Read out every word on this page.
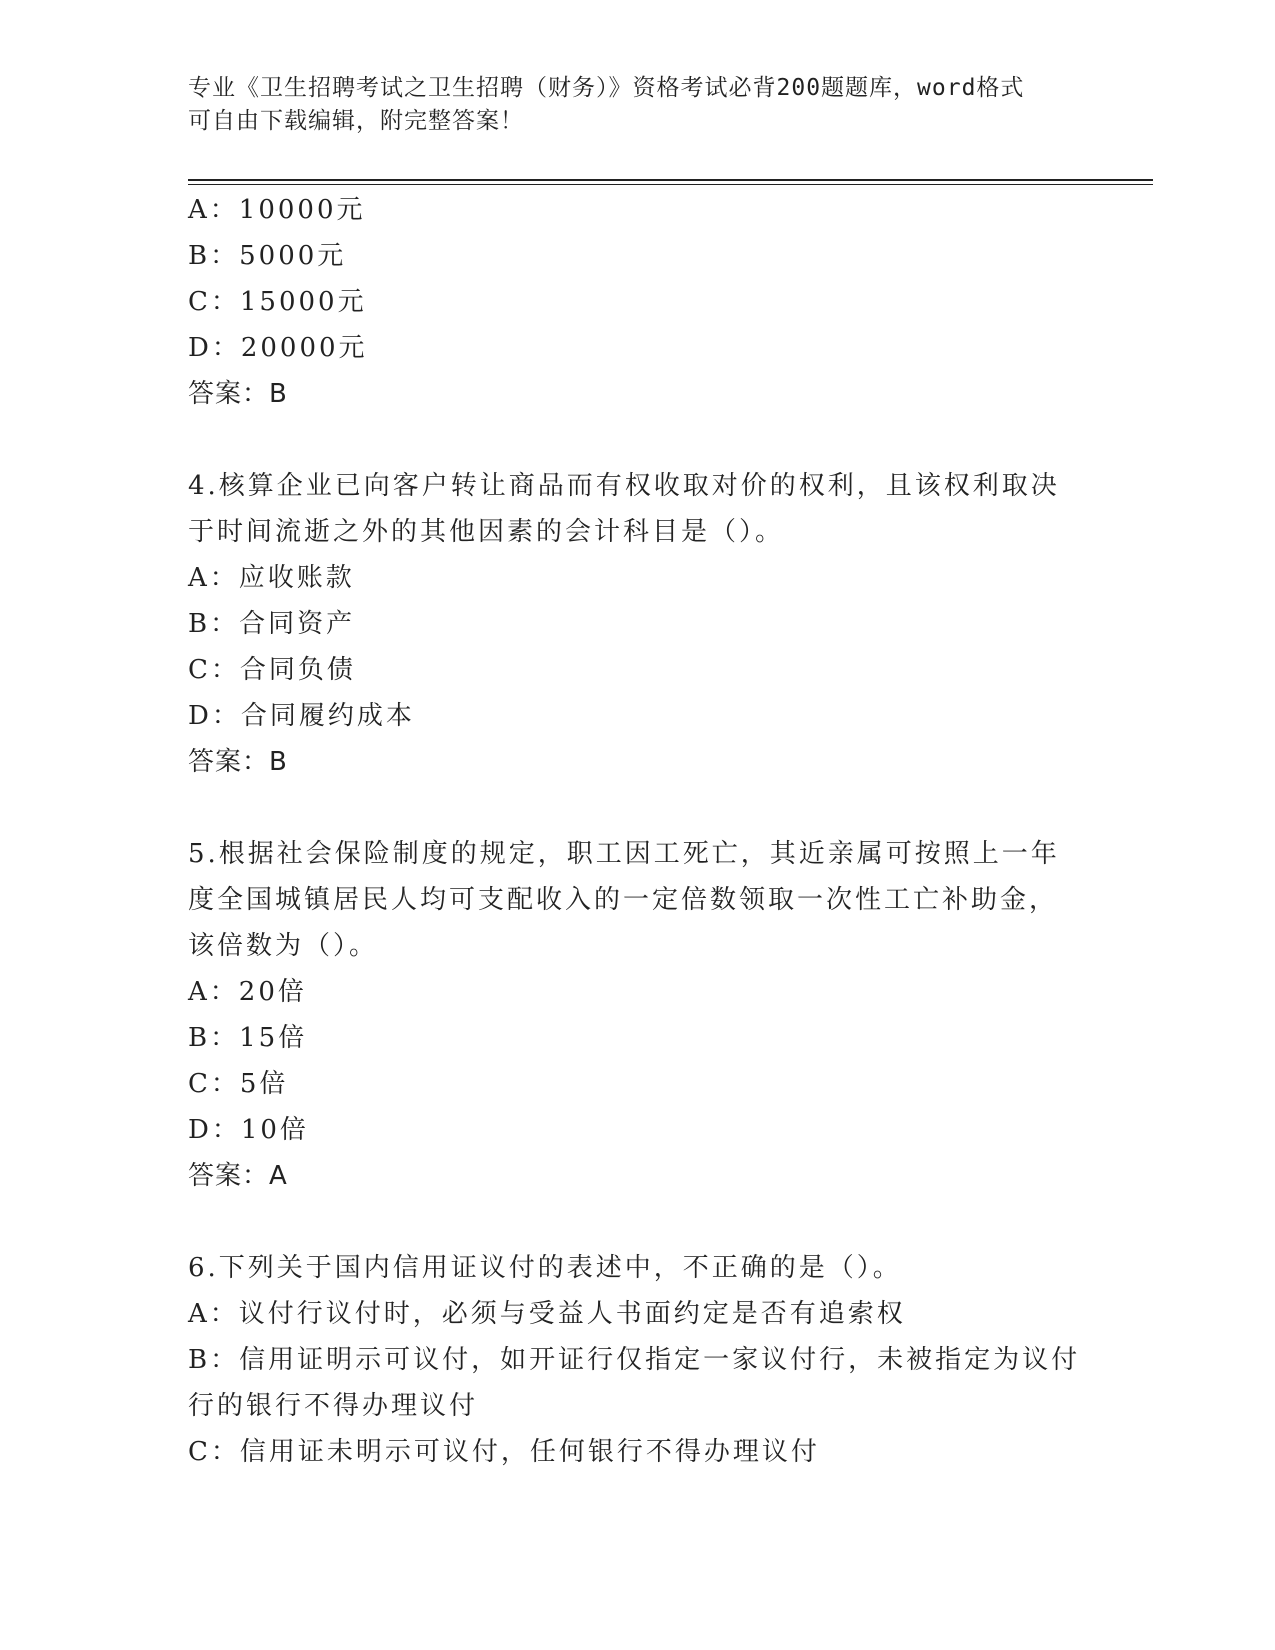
专业《卫生招聘考试之卫生招聘（财务）》资格考试必背200题题库，word格式
可自由下载编辑，附完整答案！
A：10000元
B：5000元
C：15000元
D：20000元
答案：B
4.核算企业已向客户转让商品而有权收取对价的权利，且该权利取决
于时间流逝之外的其他因素的会计科目是（）。
A：应收账款
B：合同资产
C：合同负债
D：合同履约成本
答案：B
5.根据社会保险制度的规定，职工因工死亡，其近亲属可按照上一年
度全国城镇居民人均可支配收入的一定倍数领取一次性工亡补助金，
该倍数为（）。
A：20倍
B：15倍
C：5倍
D：10倍
答案：A
6.下列关于国内信用证议付的表述中，不正确的是（）。
A：议付行议付时，必须与受益人书面约定是否有追索权
B：信用证明示可议付，如开证行仅指定一家议付行，未被指定为议付
行的银行不得办理议付
C：信用证未明示可议付，任何银行不得办理议付
